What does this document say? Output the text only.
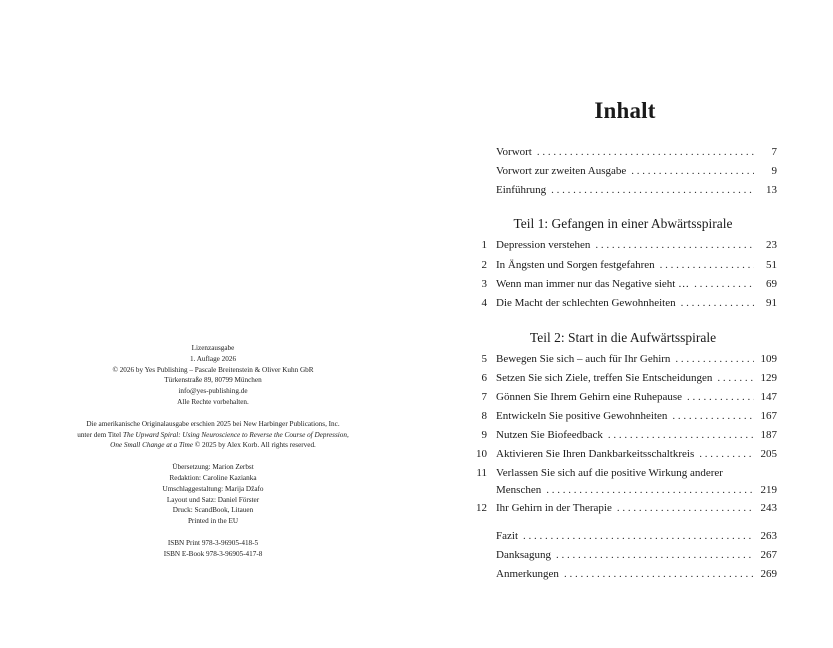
Lizenzausgabe
1. Auflage 2026
© 2026 by Yes Publishing – Pascale Breitenstein & Oliver Kuhn GbR
Türkenstraße 89, 80799 München
info@yes-publishing.de
Alle Rechte vorbehalten.
Die amerikanische Originalausgabe erschien 2025 bei New Harbinger Publications, Inc.
unter dem Titel The Upward Spiral: Using Neuroscience to Reverse the Course of Depression,
One Small Change at a Time © 2025 by Alex Korb. All rights reserved.
Übersetzung: Marion Zerbst
Redaktion: Caroline Kazianka
Umschlaggestaltung: Marija Džafo
Layout und Satz: Daniel Förster
Druck: ScandBook, Litauen
Printed in the EU
ISBN Print 978-3-96905-418-5
ISBN E-Book 978-3-96905-417-8
Inhalt
Vorwort . . .	7
Vorwort zur zweiten Ausgabe . . .	9
Einführung . . .	13
Teil 1: Gefangen in einer Abwärtsspirale
1 Depression verstehen . . .	23
2 In Ängsten und Sorgen festgefahren . . .	51
3 Wenn man immer nur das Negative sieht … . . .	69
4 Die Macht der schlechten Gewohnheiten . . .	91
Teil 2: Start in die Aufwärtsspirale
5 Bewegen Sie sich – auch für Ihr Gehirn . . .	109
6 Setzen Sie sich Ziele, treffen Sie Entscheidungen . . .	129
7 Gönnen Sie Ihrem Gehirn eine Ruhepause . . .	147
8 Entwickeln Sie positive Gewohnheiten . . .	167
9 Nutzen Sie Biofeedback . . .	187
10 Aktivieren Sie Ihren Dankbarkeitsschaltkreis . . .	205
11 Verlassen Sie sich auf die positive Wirkung anderer
Menschen . . .	219
12 Ihr Gehirn in der Therapie . . .	243
Fazit . . .	263
Danksagung . . .	267
Anmerkungen . . .	269
